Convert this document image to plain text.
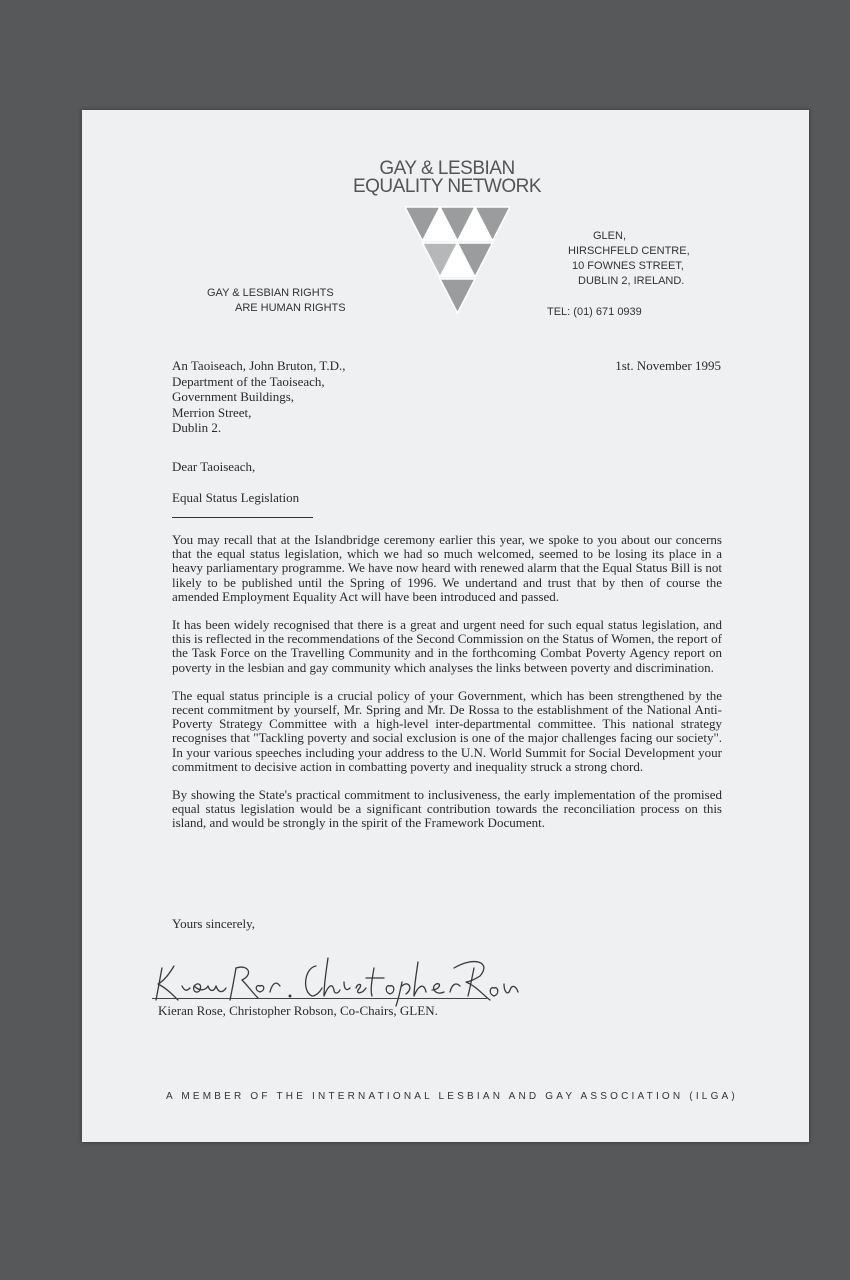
GAY & LESBIAN
EQUALITY NETWORK
GAY & LESBIAN RIGHTS
ARE HUMAN RIGHTS
GLEN,
HIRSCHFELD CENTRE,
10 FOWNES STREET,
DUBLIN 2, IRELAND.
TEL: (01) 671 0939
An Taoiseach, John Bruton, T.D.,
Department of the Taoiseach,
Government Buildings,
Merrion Street,
Dublin 2.
1st. November 1995
Dear Taoiseach,
Equal Status Legislation

You may recall that at the Islandbridge ceremony earlier this year, we spoke to you about our concerns that the equal status legislation, which we had so much welcomed, seemed to be losing its place in a heavy parliamentary programme. We have now heard with renewed alarm that the Equal Status Bill is not likely to be published until the Spring of 1996. We undertand and trust that by then of course the amended Employment Equality Act will have been introduced and passed.

It has been widely recognised that there is a great and urgent need for such equal status legislation, and this is reflected in the recommendations of the Second Commission on the Status of Women, the report of the Task Force on the Travelling Community and in the forthcoming Combat Poverty Agency report on poverty in the lesbian and gay community which analyses the links between poverty and discrimination.

The equal status principle is a crucial policy of your Government, which has been strengthened by the recent commitment by yourself, Mr. Spring and Mr. De Rossa to the establishment of the National Anti-Poverty Strategy Committee with a high-level inter-departmental committee. This national strategy recognises that "Tackling poverty and social exclusion is one of the major challenges facing our society". In your various speeches including your address to the U.N. World Summit for Social Development your commitment to decisive action in combatting poverty and inequality struck a strong chord.

By showing the State's practical commitment to inclusiveness, the early implementation of the promised equal status legislation would be a significant contribution towards the reconciliation process on this island, and would be strongly in the spirit of the Framework Document.

Yours sincerely,
Kieran Rose, Christopher Robson, Co-Chairs, GLEN.
A MEMBER OF THE INTERNATIONAL LESBIAN AND GAY ASSOCIATION (ILGA)
